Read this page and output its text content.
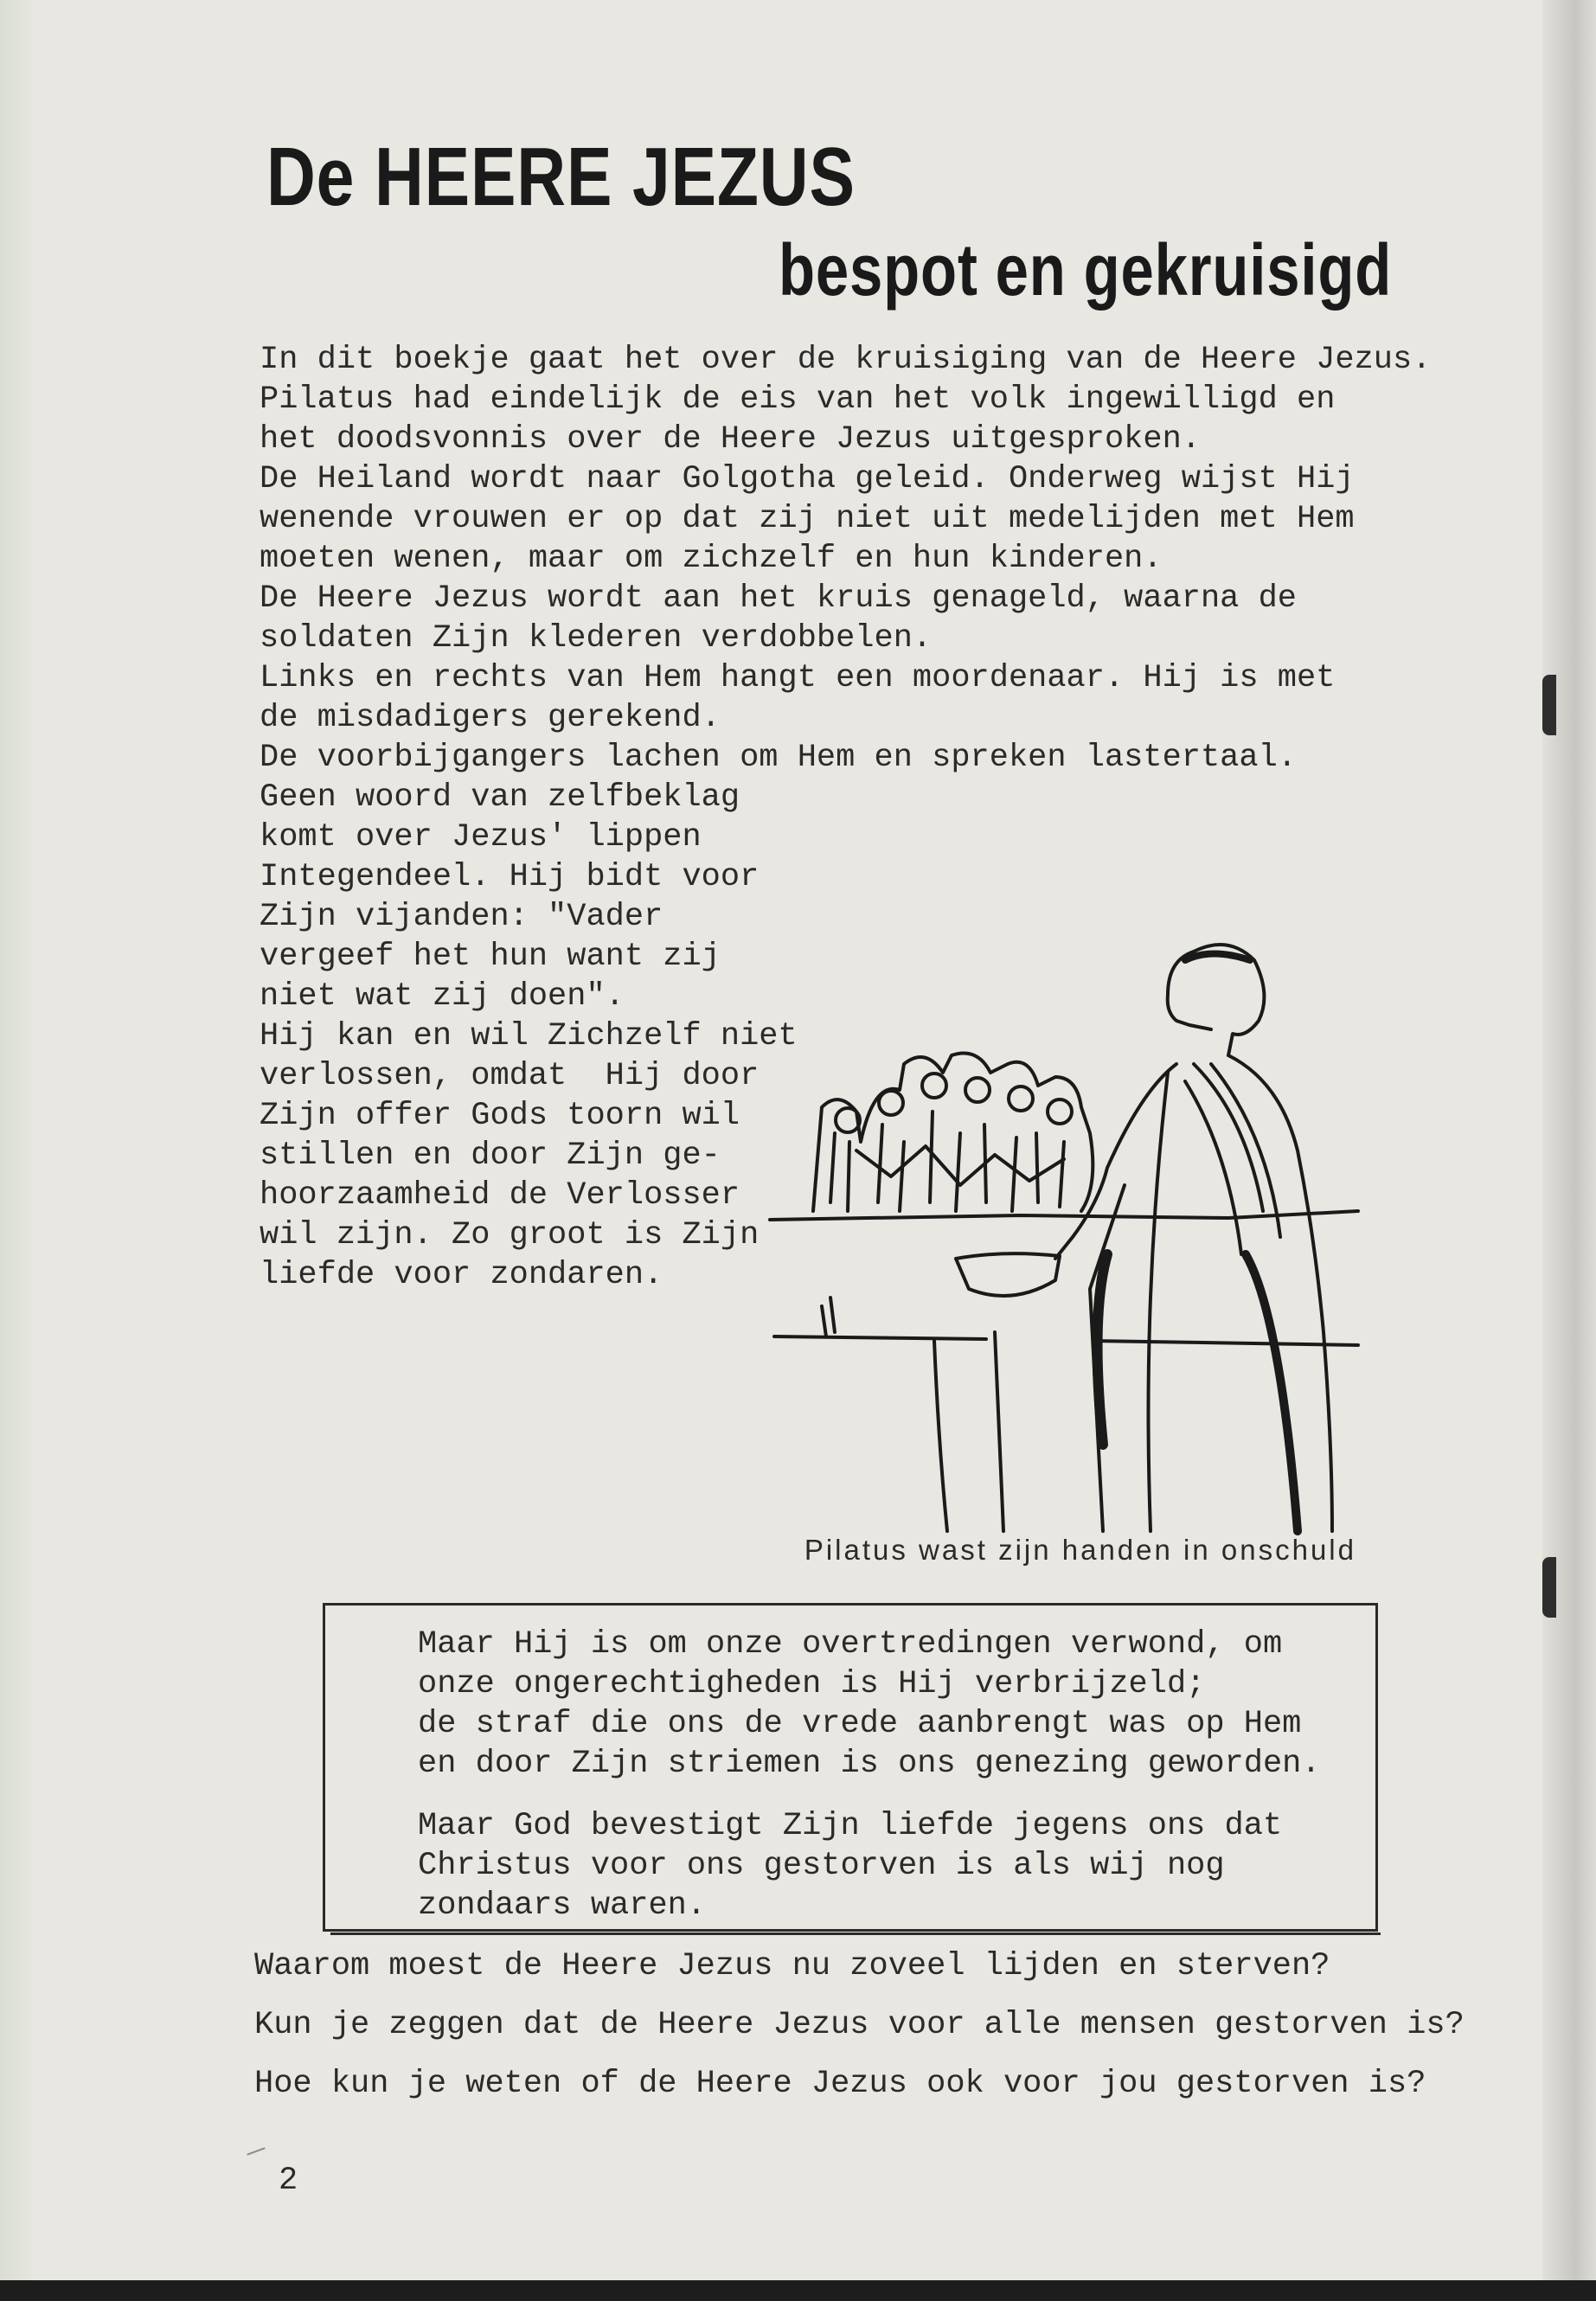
De HEERE JEZUS
bespot en gekruisigd

In dit boekje gaat het over de kruisiging van de Heere Jezus.
Pilatus had eindelijk de eis van het volk ingewilligd en
het doodsvonnis over de Heere Jezus uitgesproken.
De Heiland wordt naar Golgotha geleid. Onderweg wijst Hij
wenende vrouwen er op dat zij niet uit medelijden met Hem
moeten wenen, maar om zichzelf en hun kinderen.
De Heere Jezus wordt aan het kruis genageld, waarna de
soldaten Zijn klederen verdobbelen.
Links en rechts van Hem hangt een moordenaar. Hij is met
de misdadigers gerekend.
De voorbijgangers lachen om Hem en spreken lastertaal.

Geen woord van zelfbeklag
komt over Jezus' lippen
Integendeel. Hij bidt voor
Zijn vijanden: "Vader
vergeef het hun want zij
niet wat zij doen".
Hij kan en wil Zichzelf niet
verlossen, omdat  Hij door
Zijn offer Gods toorn wil
stillen en door Zijn ge-
hoorzaamheid de Verlosser
wil zijn. Zo groot is Zijn
liefde voor zondaren.

Pilatus wast zijn handen in onschuld

Maar Hij is om onze overtredingen verwond, om
onze ongerechtigheden is Hij verbrijzeld;
de straf die ons de vrede aanbrengt was op Hem
en door Zijn striemen is ons genezing geworden.

Maar God bevestigt Zijn liefde jegens ons dat
Christus voor ons gestorven is als wij nog
zondaars waren.

Waarom moest de Heere Jezus nu zoveel lijden en sterven?

Kun je zeggen dat de Heere Jezus voor alle mensen gestorven is?

Hoe kun je weten of de Heere Jezus ook voor jou gestorven is?

2
